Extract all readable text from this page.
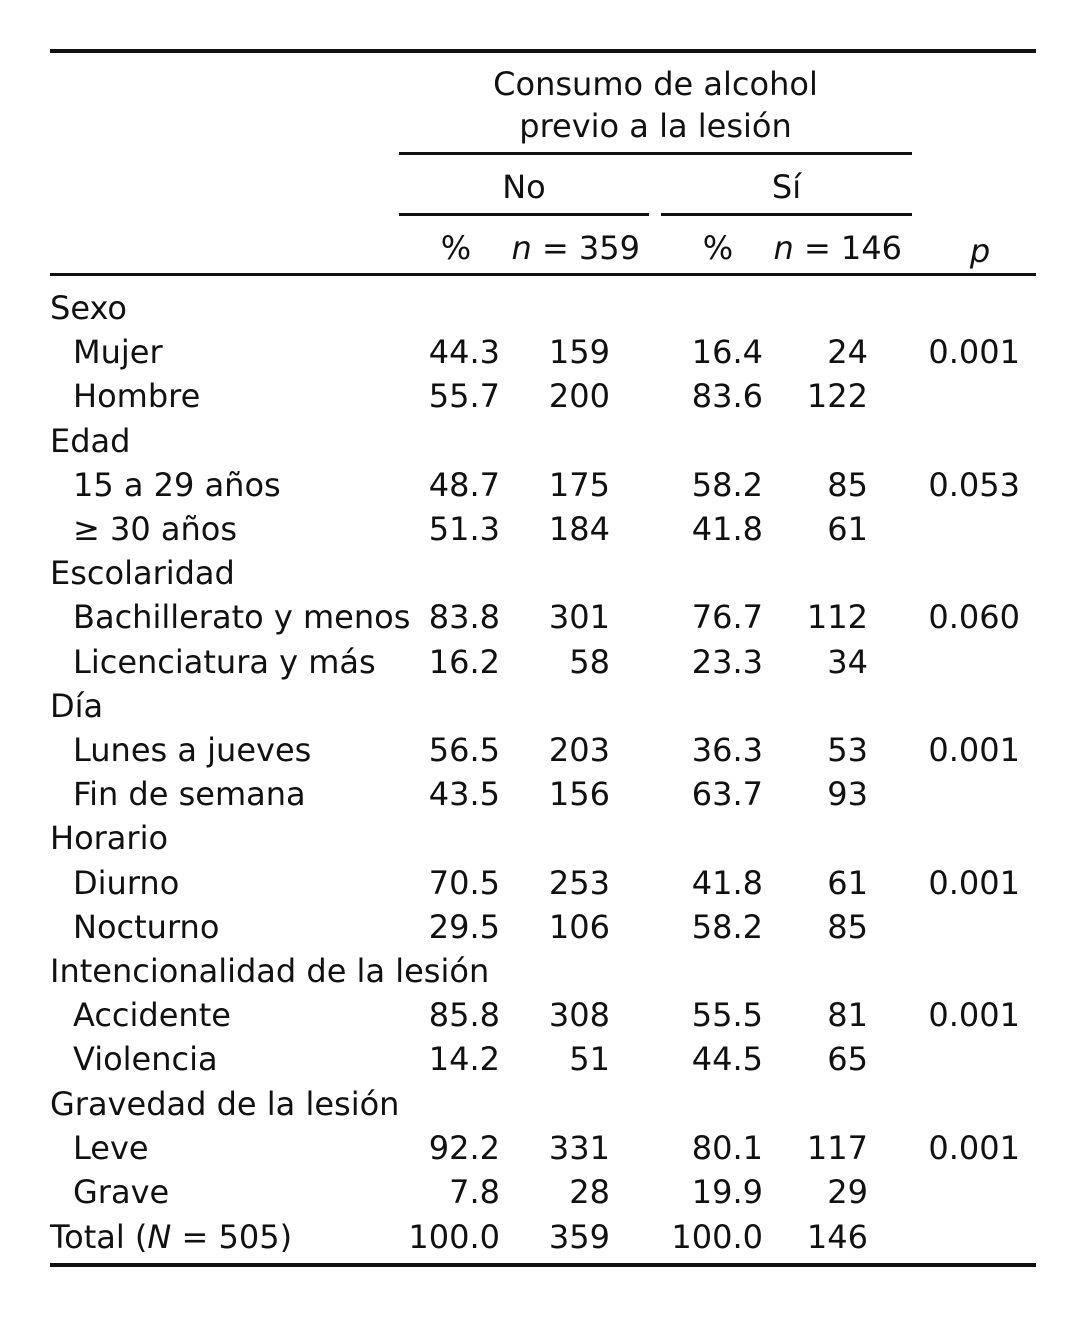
Consumo de alcohol
previo a la lesión
No	Sí
%	n = 359	%	n = 146	p
Sexo
Mujer	44.3	159	16.4	24	0.001
Hombre	55.7	200	83.6	122
Edad
15 a 29 años	48.7	175	58.2	85	0.053
≥ 30 años	51.3	184	41.8	61
Escolaridad
Bachillerato y menos 83.8	301	76.7	112	0.060
Licenciatura y más	16.2	58	23.3	34
Día
Lunes a jueves	56.5	203	36.3	53	0.001
Fin de semana	43.5	156	63.7	93
Horario
Diurno	70.5	253	41.8	61	0.001
Nocturno	29.5	106	58.2	85
Intencionalidad de la lesión
Accidente	85.8	308	55.5	81	0.001
Violencia	14.2	51	44.5	65
Gravedad de la lesión
Leve	92.2	331	80.1	117	0.001
Grave	7.8	28	19.9	29
Total (N = 505)	100.0	359	100.0	146
